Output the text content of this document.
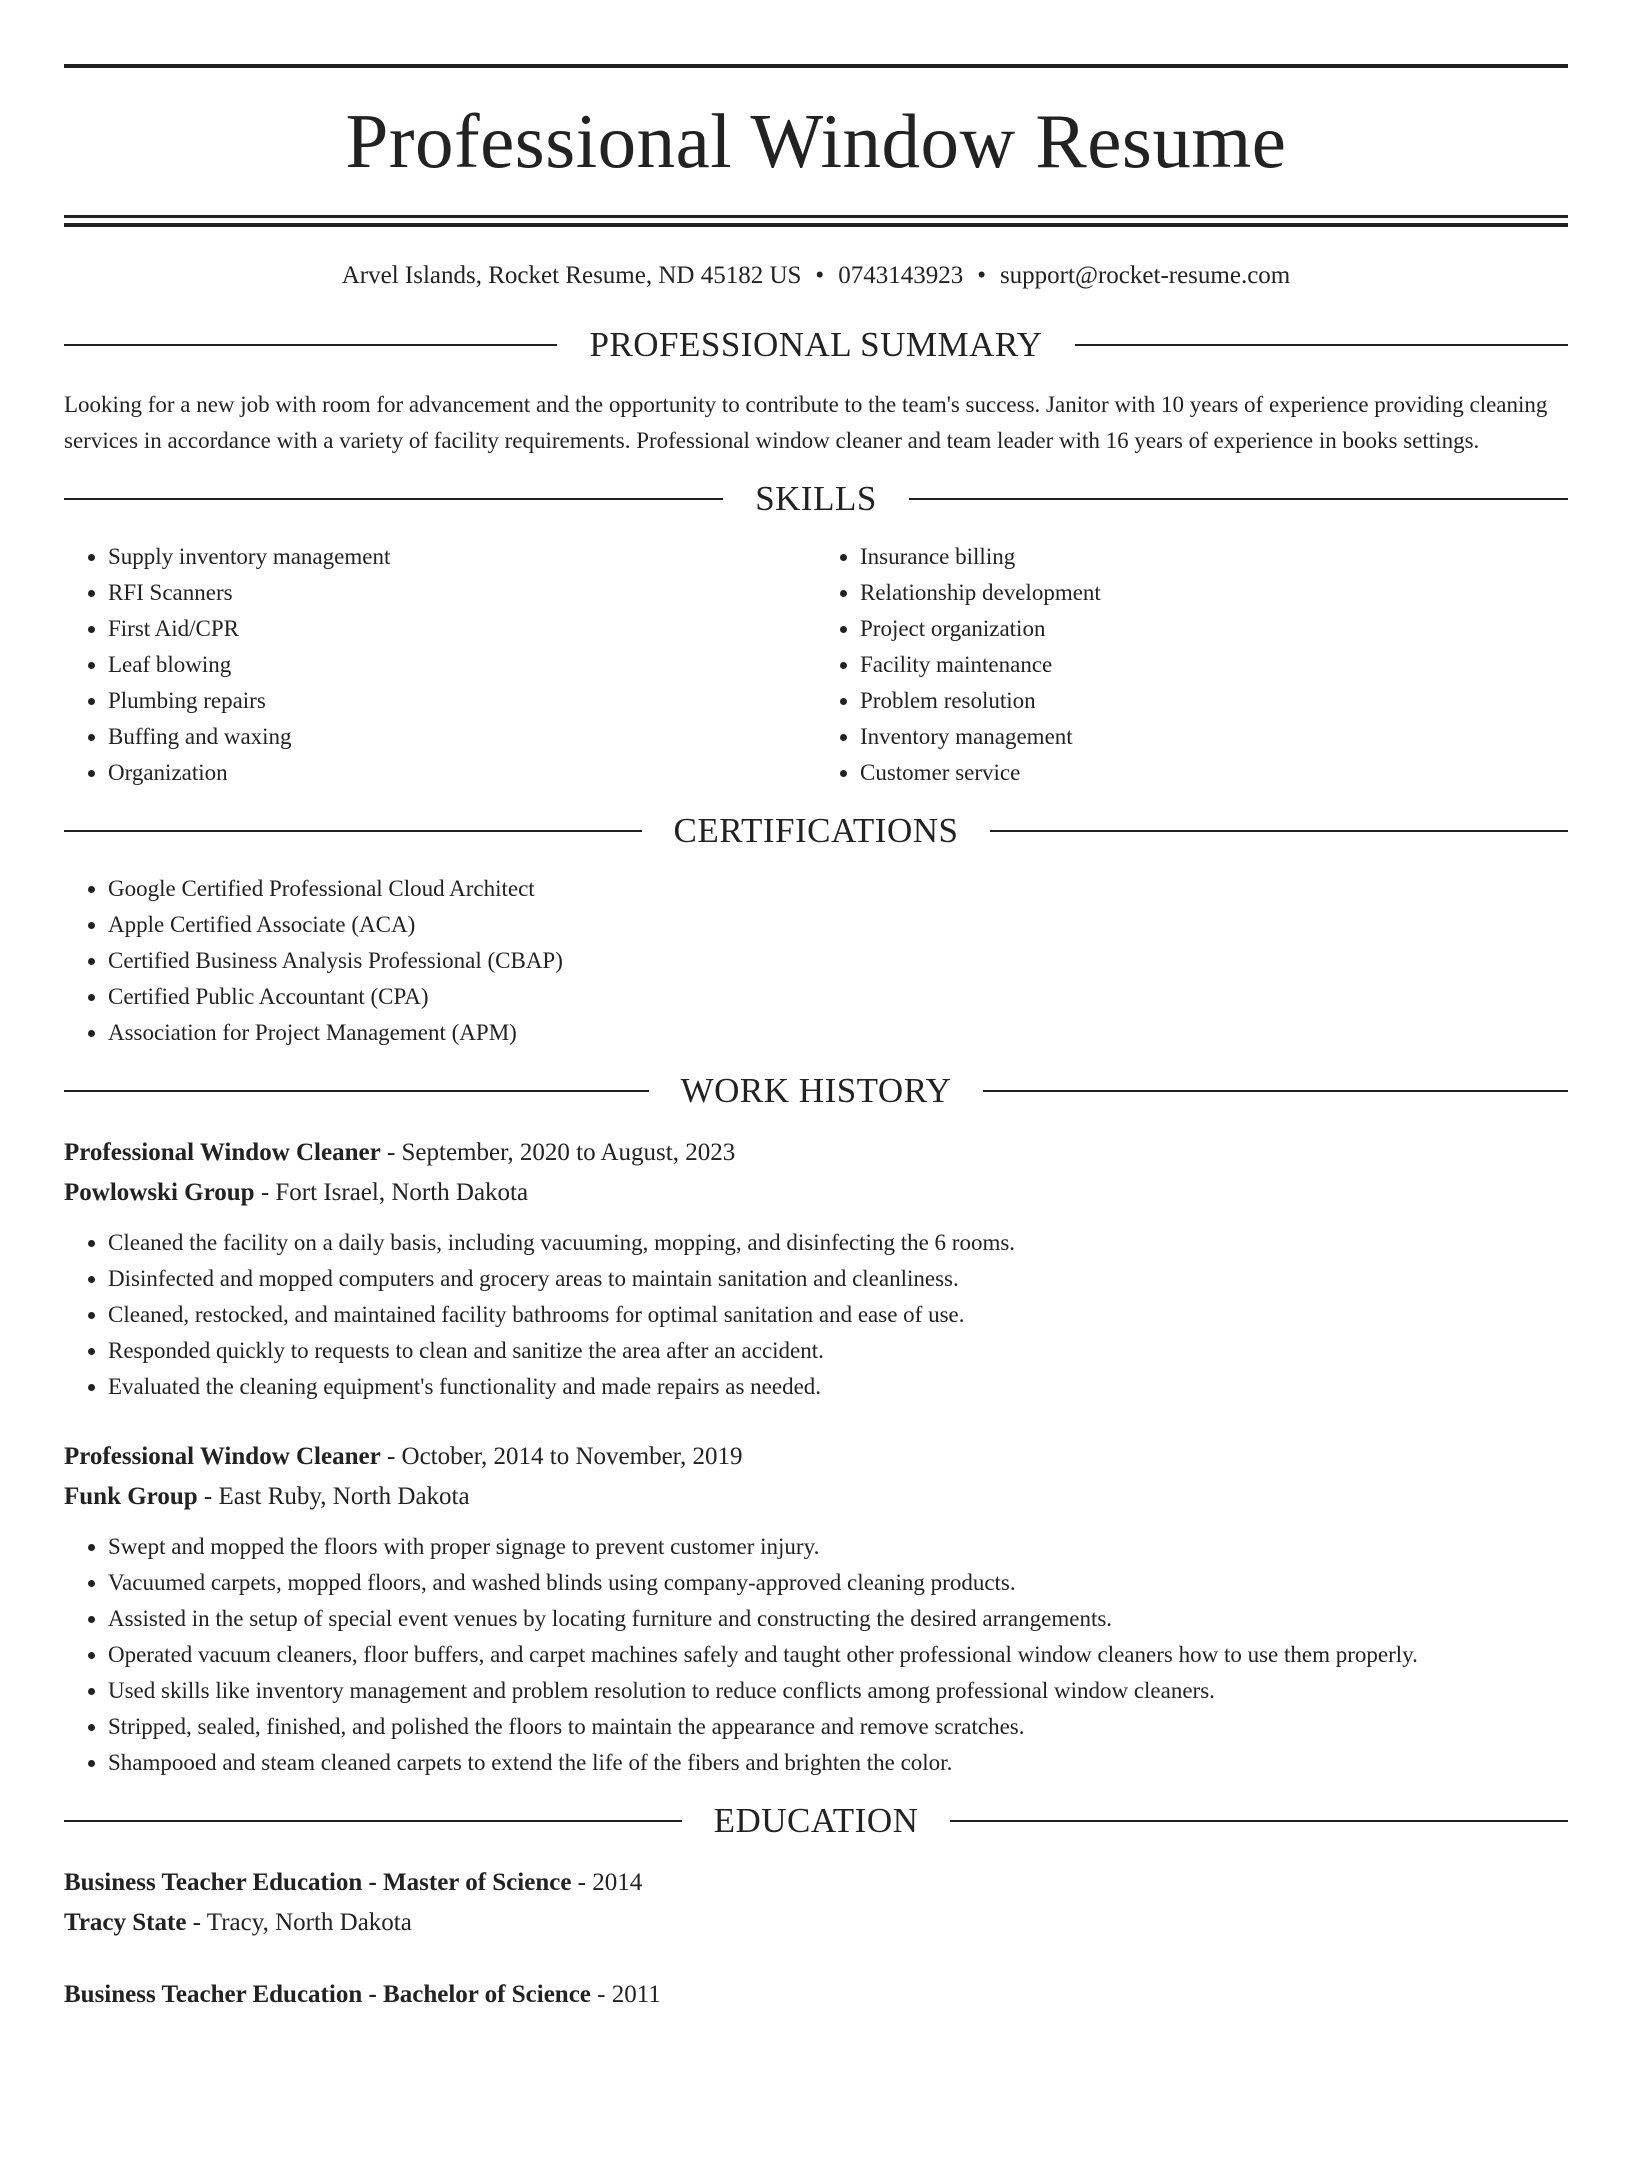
Professional Window Resume
Arvel Islands, Rocket Resume, ND 45182 US • 0743143923 • support@rocket-resume.com
PROFESSIONAL SUMMARY
Looking for a new job with room for advancement and the opportunity to contribute to the team's success. Janitor with 10 years of experience providing cleaning services in accordance with a variety of facility requirements. Professional window cleaner and team leader with 16 years of experience in books settings.
SKILLS
• Supply inventory management
• RFI Scanners
• First Aid/CPR
• Leaf blowing
• Plumbing repairs
• Buffing and waxing
• Organization
• Insurance billing
• Relationship development
• Project organization
• Facility maintenance
• Problem resolution
• Inventory management
• Customer service
CERTIFICATIONS
• Google Certified Professional Cloud Architect
• Apple Certified Associate (ACA)
• Certified Business Analysis Professional (CBAP)
• Certified Public Accountant (CPA)
• Association for Project Management (APM)
WORK HISTORY
Professional Window Cleaner - September, 2020 to August, 2023
Powlowski Group - Fort Israel, North Dakota
• Cleaned the facility on a daily basis, including vacuuming, mopping, and disinfecting the 6 rooms.
• Disinfected and mopped computers and grocery areas to maintain sanitation and cleanliness.
• Cleaned, restocked, and maintained facility bathrooms for optimal sanitation and ease of use.
• Responded quickly to requests to clean and sanitize the area after an accident.
• Evaluated the cleaning equipment's functionality and made repairs as needed.
Professional Window Cleaner - October, 2014 to November, 2019
Funk Group - East Ruby, North Dakota
• Swept and mopped the floors with proper signage to prevent customer injury.
• Vacuumed carpets, mopped floors, and washed blinds using company-approved cleaning products.
• Assisted in the setup of special event venues by locating furniture and constructing the desired arrangements.
• Operated vacuum cleaners, floor buffers, and carpet machines safely and taught other professional window cleaners how to use them properly.
• Used skills like inventory management and problem resolution to reduce conflicts among professional window cleaners.
• Stripped, sealed, finished, and polished the floors to maintain the appearance and remove scratches.
• Shampooed and steam cleaned carpets to extend the life of the fibers and brighten the color.
EDUCATION
Business Teacher Education - Master of Science - 2014
Tracy State - Tracy, North Dakota
Business Teacher Education - Bachelor of Science - 2011
